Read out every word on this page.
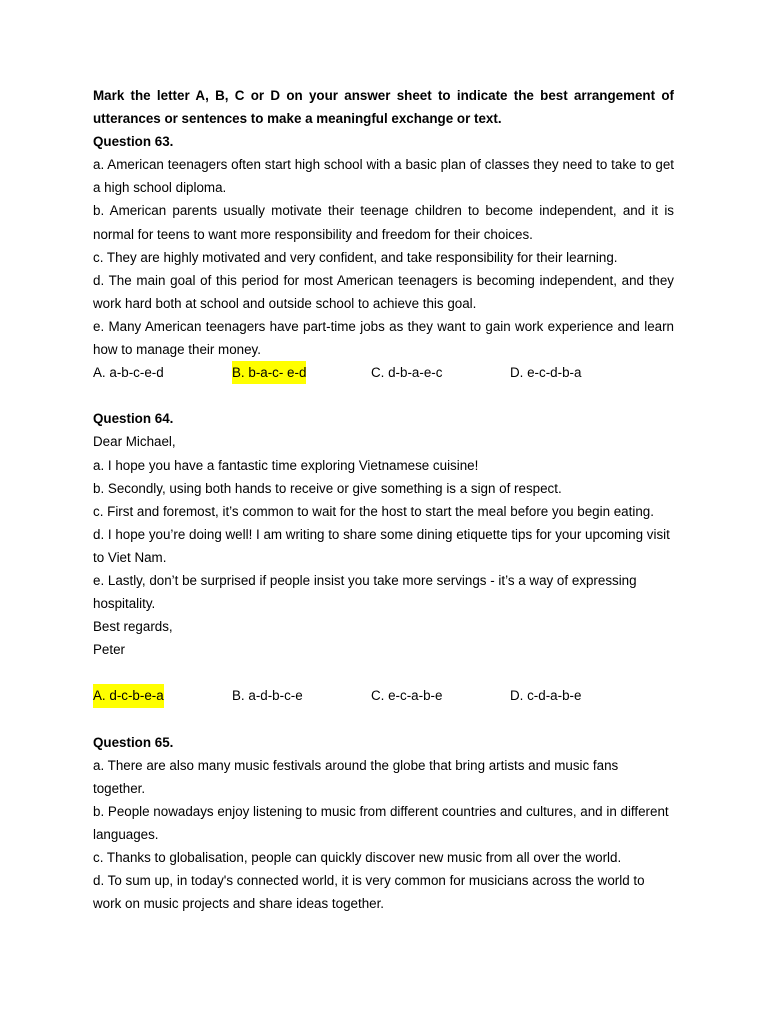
Mark the letter A, B, C or D on your answer sheet to indicate the best arrangement of utterances or sentences to make a meaningful exchange or text.

Question 63.

a. American teenagers often start high school with a basic plan of classes they need to take to get a high school diploma.

b. American parents usually motivate their teenage children to become independent, and it is normal for teens to want more responsibility and freedom for their choices.

c. They are highly motivated and very confident, and take responsibility for their learning.

d. The main goal of this period for most American teenagers is becoming independent, and they work hard both at school and outside school to achieve this goal.

e. Many American teenagers have part-time jobs as they want to gain work experience and learn how to manage their money.

A. a-b-c-e-d	B. b-a-c- e-d	C. d-b-a-e-c	D. e-c-d-b-a

Question 64.

Dear Michael,

a. I hope you have a fantastic time exploring Vietnamese cuisine!

b. Secondly, using both hands to receive or give something is a sign of respect.

c. First and foremost, it’s common to wait for the host to start the meal before you begin eating.

d. I hope you’re doing well! I am writing to share some dining etiquette tips for your upcoming visit to Viet Nam.

e. Lastly, don’t be surprised if people insist you take more servings - it’s a way of expressing hospitality.

Best regards,

Peter

A. d-c-b-e-a	B. a-d-b-c-e	C. e-c-a-b-e	D. c-d-a-b-e

Question 65.

a. There are also many music festivals around the globe that bring artists and music fans together.

b. People nowadays enjoy listening to music from different countries and cultures, and in different languages.

c. Thanks to globalisation, people can quickly discover new music from all over the world.

d. To sum up, in today's connected world, it is very common for musicians across the world to work on music projects and share ideas together.
